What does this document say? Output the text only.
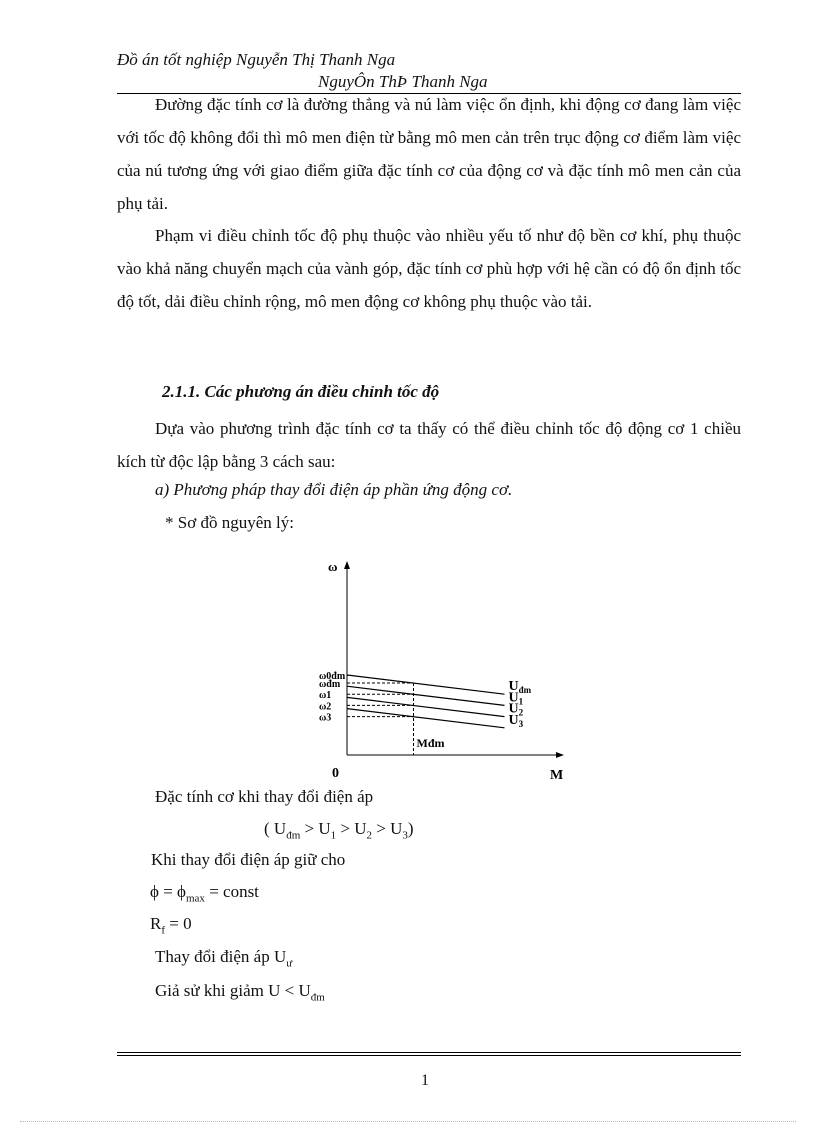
Đồ án tốt nghiệp Nguyễn Thị Thanh Nga
NguyÔn ThÞ Thanh Nga

Đường đặc tính cơ là đường thẳng và nú làm việc ổn định, khi động cơ đang làm việc với tốc độ không đổi thì mô men điện từ bằng mô men cản trên trục động cơ điểm làm việc của nú tương ứng với giao điểm giữa đặc tính cơ của động cơ và đặc tính mô men cản của phụ tải.

Phạm vi điều chỉnh tốc độ phụ thuộc vào nhiều yếu tố như độ bền cơ khí, phụ thuộc vào khả năng chuyển mạch của vành góp, đặc tính cơ phù hợp với hệ cần có độ ổn định tốc độ tốt, dải điều chỉnh rộng, mô men động cơ không phụ thuộc vào tải.

2.1.1. Các phương án điều chỉnh tốc độ

Dựa vào phương trình đặc tính cơ ta thấy có thể điều chỉnh tốc độ động cơ 1 chiều kích từ độc lập bằng 3 cách sau:

a) Phương pháp thay đổi điện áp phần ứng động cơ.
* Sơ đồ nguyên lý:
ω
M
0
Mđm
ω0đm
ωđm
ω1
ω2
ω3
$U_{đm}$
$U_1$
$U_2$
$U_3$
Đặc tính cơ khi thay đổi điện áp
( $U_{đm} > U_1 > U_2 > U_3$)
Khi thay đổi điện áp giữ cho
$\phi = \phi_{max}$ = const
$R_f = 0$
Thay đổi điện áp $U_ư$
Giả sử khi giảm $U < U_{đm}$
1
